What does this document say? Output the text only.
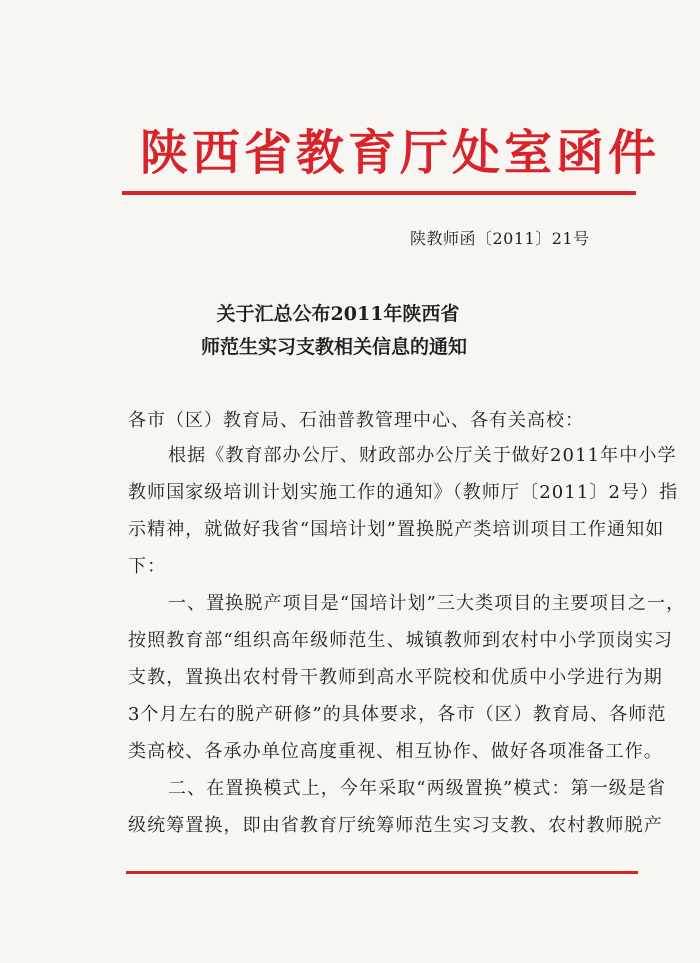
陕西省教育厅处室函件
陕教师函〔2011〕21号
关于汇总公布2011年陕西省
师范生实习支教相关信息的通知
各市（区）教育局、石油普教管理中心、各有关高校：
根据《教育部办公厅、财政部办公厅关于做好2011年中小学
教师国家级培训计划实施工作的通知》（教师厅〔2011〕2号）指
示精神，就做好我省“国培计划”置换脱产类培训项目工作通知如
下：
一、置换脱产项目是“国培计划”三大类项目的主要项目之一，
按照教育部“组织高年级师范生、城镇教师到农村中小学顶岗实习
支教，置换出农村骨干教师到高水平院校和优质中小学进行为期
3个月左右的脱产研修”的具体要求，各市（区）教育局、各师范
类高校、各承办单位高度重视、相互协作、做好各项准备工作。
二、在置换模式上，今年采取“两级置换”模式：第一级是省
级统筹置换，即由省教育厅统筹师范生实习支教、农村教师脱产
